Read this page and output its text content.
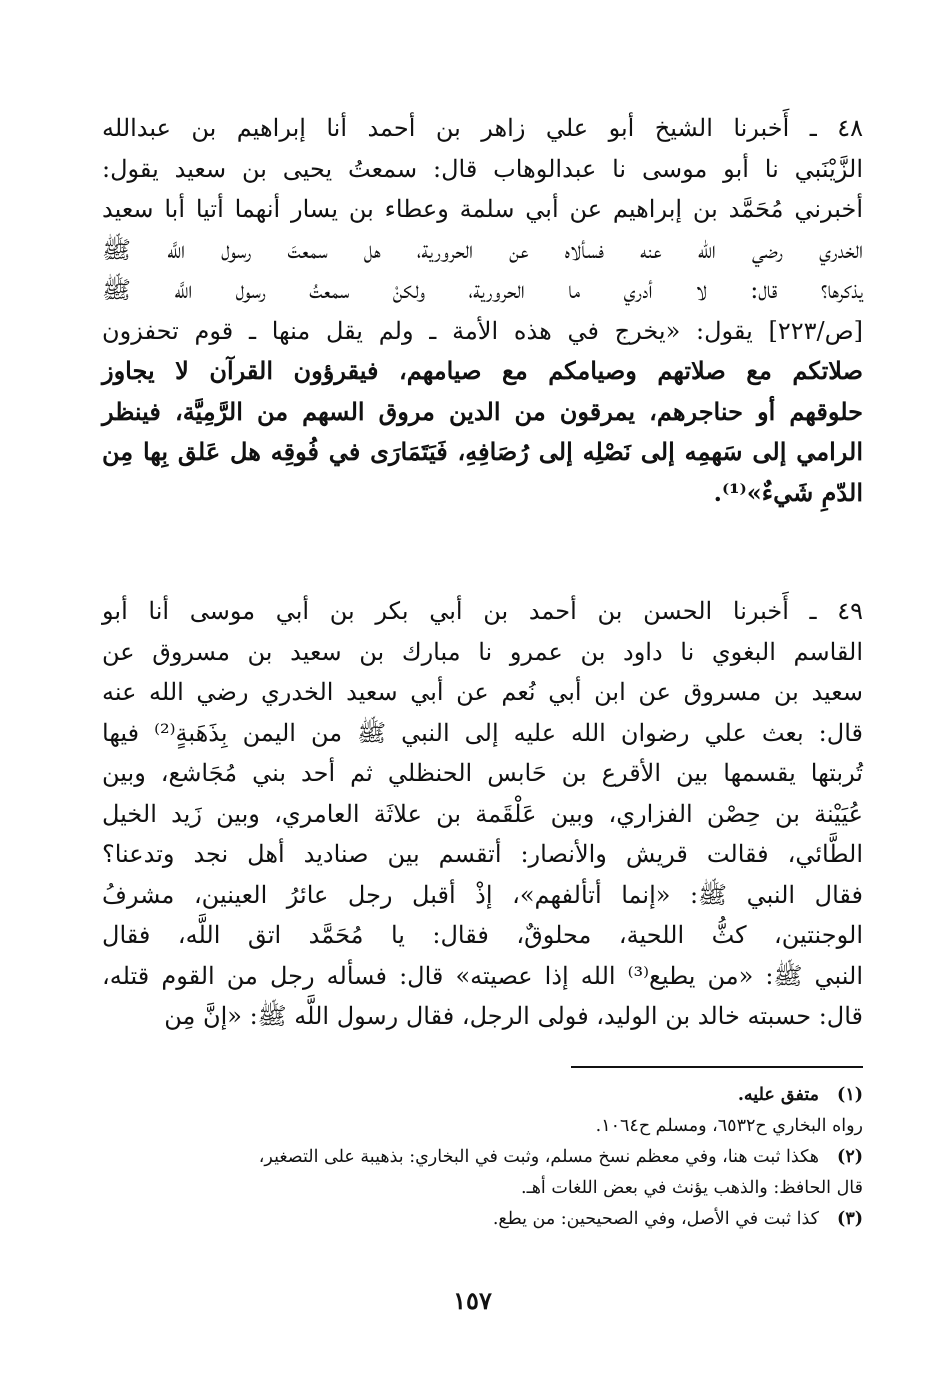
٤٨ ـ أَخبرنا الشيخ أبو علي زاهر بن أحمد أنا إبراهيم بن عبدالله
الزَّيْنَبي نا أبو موسى نا عبدالوهاب قال: سمعتُ يحيى بن سعيد يقول:
أخبرني مُحَمَّد بن إبراهيم عن أبي سلمة وعطاء بن يسار أنهما أتيا أبا سعيد
الخدري رضي الله عنه فسألاه عن الحرورية، هل سمعتَ رسول اللَّه ﷺ
يذكرها؟ قال: لا أدري ما الحرورية، ولكنْ سمعتُ رسول اللَّه ﷺ
[ص/٢٢٣] يقول: «يخرج في هذه الأمة ـ ولم يقل منها ـ قوم تحفزون
صلاتكم مع صلاتهم وصيامكم مع صيامهم، فيقرؤون القرآن لا يجاوز
حلوقهم أو حناجرهم، يمرقون من الدين مروق السهم من الرَّمِيَّة، فينظر
الرامي إلى سَهمِه إلى نَصْلِه إلى رُصَافِهِ، فَيَتَمَارَى في فُوقِه هل عَلق بِها مِن
الدّمِ شَيءٌ»⁽¹⁾.
٤٩ ـ أَخبرنا الحسن بن أحمد بن أبي بكر بن أبي موسى أنا أبو
القاسم البغوي نا داود بن عمرو نا مبارك بن سعيد بن مسروق عن
سعيد بن مسروق عن ابن أبي نُعم عن أبي سعيد الخدري رضي الله عنه
قال: بعث علي رضوان الله عليه إلى النبي ﷺ من اليمن بِذَهَبةٍ⁽²⁾ فيها
تُربتها يقسمها بين الأقرع بن حَابس الحنظلي ثم أحد بني مُجَاشع، وبين
عُيَيْنة بن حِصْن الفزاري، وبين عَلْقَمة بن علاثَة العامري، وبين زَيد الخيل
الطَّائي، فقالت قريش والأنصار: أتقسم بين صناديد أهل نجد وتدعنا؟
فقال النبي ﷺ: «إنما أتألفهم»، إذْ أقبل رجل عائرُ العينين، مشرفُ
الوجنتين، كثُّ اللحية، محلوقٌ، فقال: يا مُحَمَّد اتق اللَّه، فقال
النبي ﷺ: «من يطيع⁽³⁾ الله إذا عصيته» قال: فسأله رجل من القوم قتله،
قال: حسبته خالد بن الوليد، فولى الرجل، فقال رسول اللَّه ﷺ: «إنَّ مِن
(١)متفق عليه.
رواه البخاري ح٦٥٣٢، ومسلم ح١٠٦٤.
(٢)هكذا ثبت هنا، وفي معظم نسخ مسلم، وثبت في البخاري: بذهيبة على التصغير،
قال الحافظ: والذهب يؤنث في بعض اللغات أهـ.
(٣)كذا ثبت في الأصل، وفي الصحيحين: من يطع.
١٥٧
